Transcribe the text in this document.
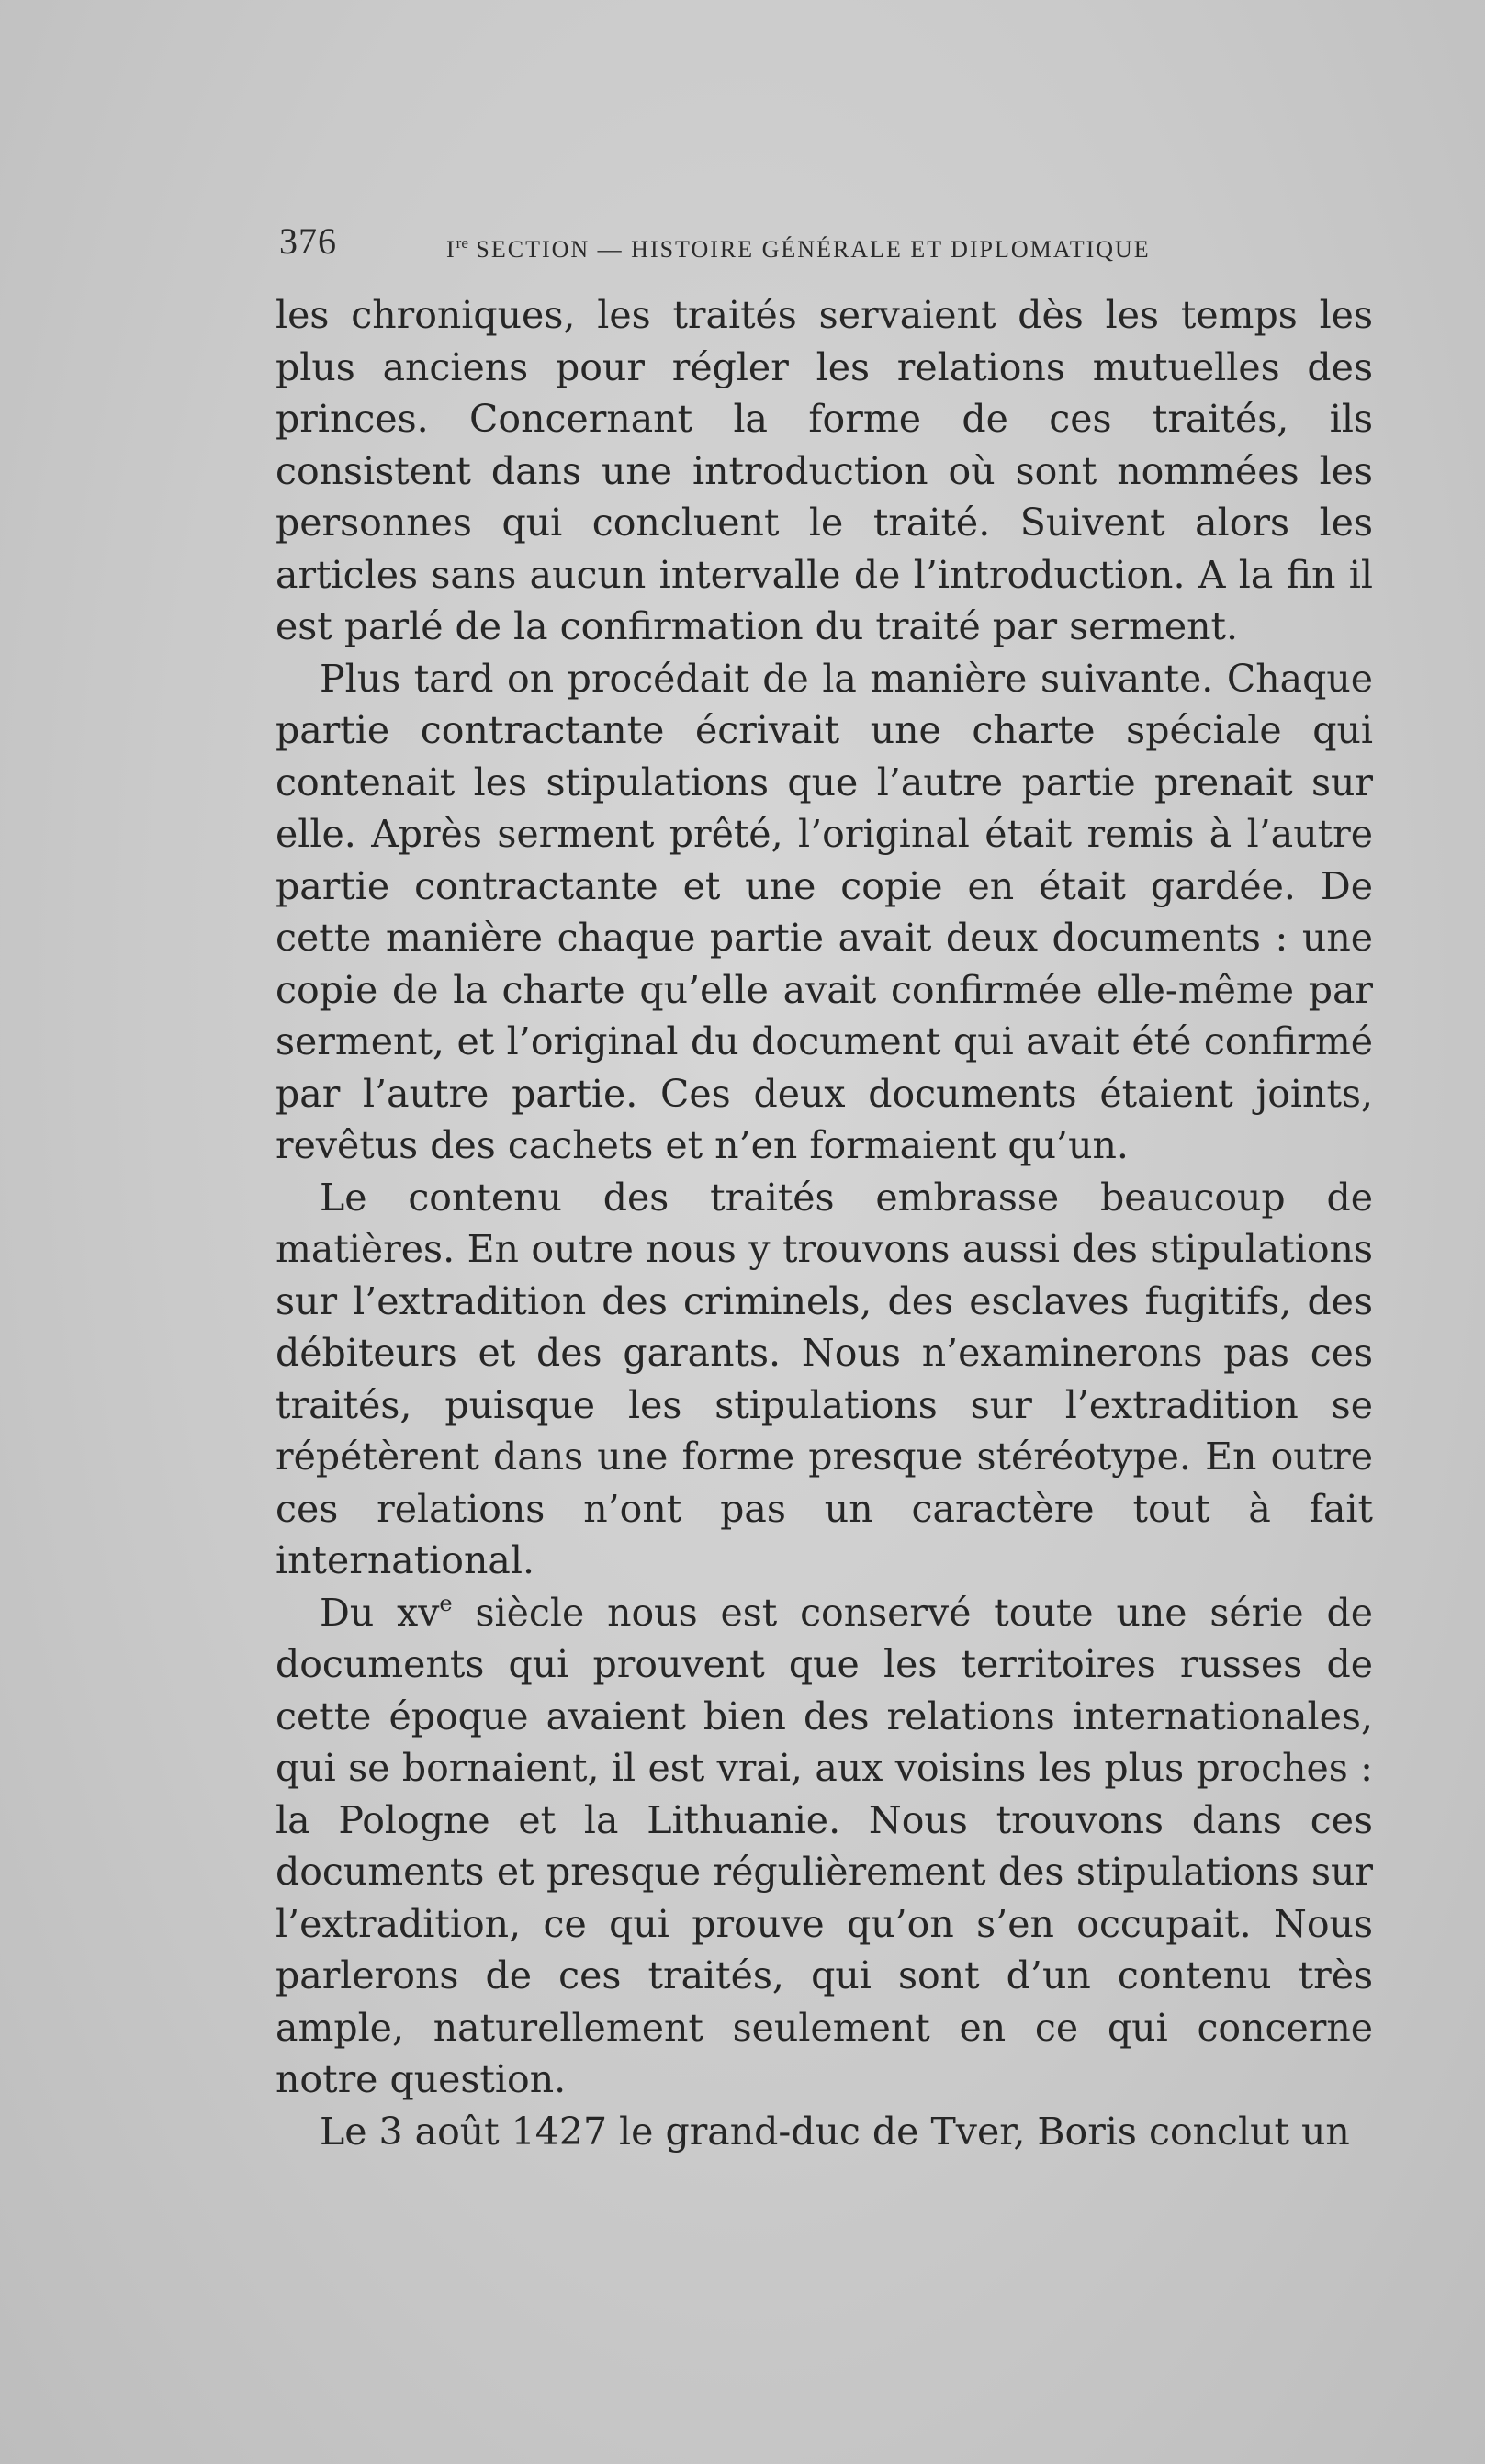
376	Ire SECTION — HISTOIRE GÉNÉRALE ET DIPLOMATIQUE

les chroniques, les traités servaient dès les temps les plus anciens pour régler les relations mutuelles des princes. Concernant la forme de ces traités, ils consistent dans une introduction où sont nommées les personnes qui concluent le traité. Suivent alors les articles sans aucun intervalle de l’introduction. A la fin il est parlé de la confirmation du traité par serment.

Plus tard on procédait de la manière suivante. Chaque partie contractante écrivait une charte spéciale qui contenait les stipulations que l’autre partie prenait sur elle. Après serment prêté, l’original était remis à l’autre partie contractante et une copie en était gardée. De cette manière chaque partie avait deux documents : une copie de la charte qu’elle avait confirmée elle-même par serment, et l’original du document qui avait été confirmé par l’autre partie. Ces deux documents étaient joints, revêtus des cachets et n’en formaient qu’un.

Le contenu des traités embrasse beaucoup de matières. En outre nous y trouvons aussi des stipulations sur l’extradition des criminels, des esclaves fugitifs, des débiteurs et des garants. Nous n’examinerons pas ces traités, puisque les stipulations sur l’extradition se répétèrent dans une forme presque stéréotype. En outre ces relations n’ont pas un caractère tout à fait international.

Du $xv^e$ siècle nous est conservé toute une série de documents qui prouvent que les territoires russes de cette époque avaient bien des relations internationales, qui se bornaient, il est vrai, aux voisins les plus proches : la Pologne et la Lithuanie. Nous trouvons dans ces documents et presque régulièrement des stipulations sur l’extradition, ce qui prouve qu’on s’en occupait. Nous parlerons de ces traités, qui sont d’un contenu très ample, naturellement seulement en ce qui concerne notre question.

Le 3 août 1427 le grand-duc de Tver, Boris conclut un
